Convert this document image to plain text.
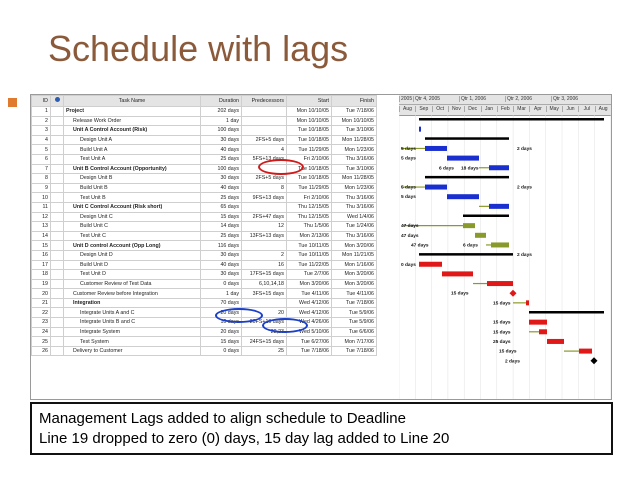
Schedule with lags
ID		Task Name	Duration	Predecessors	Start	Finish
1		Project	202 days		Mon 10/10/05	Tue 7/18/06
2		Release Work Order	1 day		Mon 10/10/05	Mon 10/10/05
3		Unit A Control Account (Risk)	100 days		Tue 10/18/05	Tue 3/10/06
4		Design Unit A	30 days	2FS+5 days	Tue 10/18/05	Mon 11/28/05
5		Build Unit A	40 days	4	Tue 11/29/05	Mon 1/23/06
6		Test Unit A	25 days	5FS+13 days	Fri 2/10/06	Thu 3/16/06
7		Unit B Control Account (Opportunity)	100 days		Tue 10/18/05	Tue 3/10/06
8		Design Unit B	30 days	2FS+5 days	Tue 10/18/05	Mon 11/28/05
9		Build Unit B	40 days	8	Tue 11/29/05	Mon 1/23/06
10		Test Unit B	25 days	9FS+13 days	Fri 2/10/06	Thu 3/16/06
11		Unit C Control Account (Risk short)	65 days		Thu 12/15/05	Thu 3/16/06
12		Design Unit C	15 days	2FS+47 days	Thu 12/15/05	Wed 1/4/06
13		Build Unit C	14 days	12	Thu 1/5/06	Tue 1/24/06
14		Test Unit C	25 days	13FS+13 days	Mon 2/13/06	Thu 3/16/06
15		Unit D control Account (Opp Long)	116 days		Tue 10/11/05	Mon 3/20/06
16		Design Unit D	30 days	2	Tue 10/11/05	Mon 11/21/05
17		Build Unit D	40 days	16	Tue 11/22/05	Mon 1/16/06
18		Test Unit D	30 days	17FS+15 days	Tue 2/7/06	Mon 3/20/06
19		Customer Review of Test Data	0 days	6,10,14,18	Mon 3/20/06	Mon 3/20/06
20		Customer Review before Integration	1 day	3FS+15 days	Tue 4/11/06	Tue 4/11/06
21		Integration	70 days		Wed 4/12/06	Tue 7/18/06
22		Integrate Units A and C	20 days	20	Wed 4/12/06	Tue 5/9/06
23		Integrate Units B and C	10 days	20FS+10 days	Wed 4/26/06	Tue 5/9/06
24		Integrate System	20 days	22,23	Wed 5/10/06	Tue 6/6/06
25		Test System	15 days	24FS+15 days	Tue 6/27/06	Mon 7/17/06
26		Delivery to Customer	0 days	25	Tue 7/18/06	Tue 7/18/06
2005 Qtr 4, 2005	Qtr 1, 2006	Qtr 2, 2006	Qtr 3, 2006
Aug	Sep	Oct	Nov	Dec	Jan	Feb	Mar	Apr	May	Jun	Jul	Aug
5 days	2 days
5 days
6 days 18 days
5 days	2 days
5 days
47 days
47 days
47 days	6 days
2 days
0 days
15 days
15 days
15 days
15 days
25 days
15 days
2 days
Management Lags added to align schedule to Deadline
Line 19 dropped to zero (0) days, 15 day lag added to Line 20
